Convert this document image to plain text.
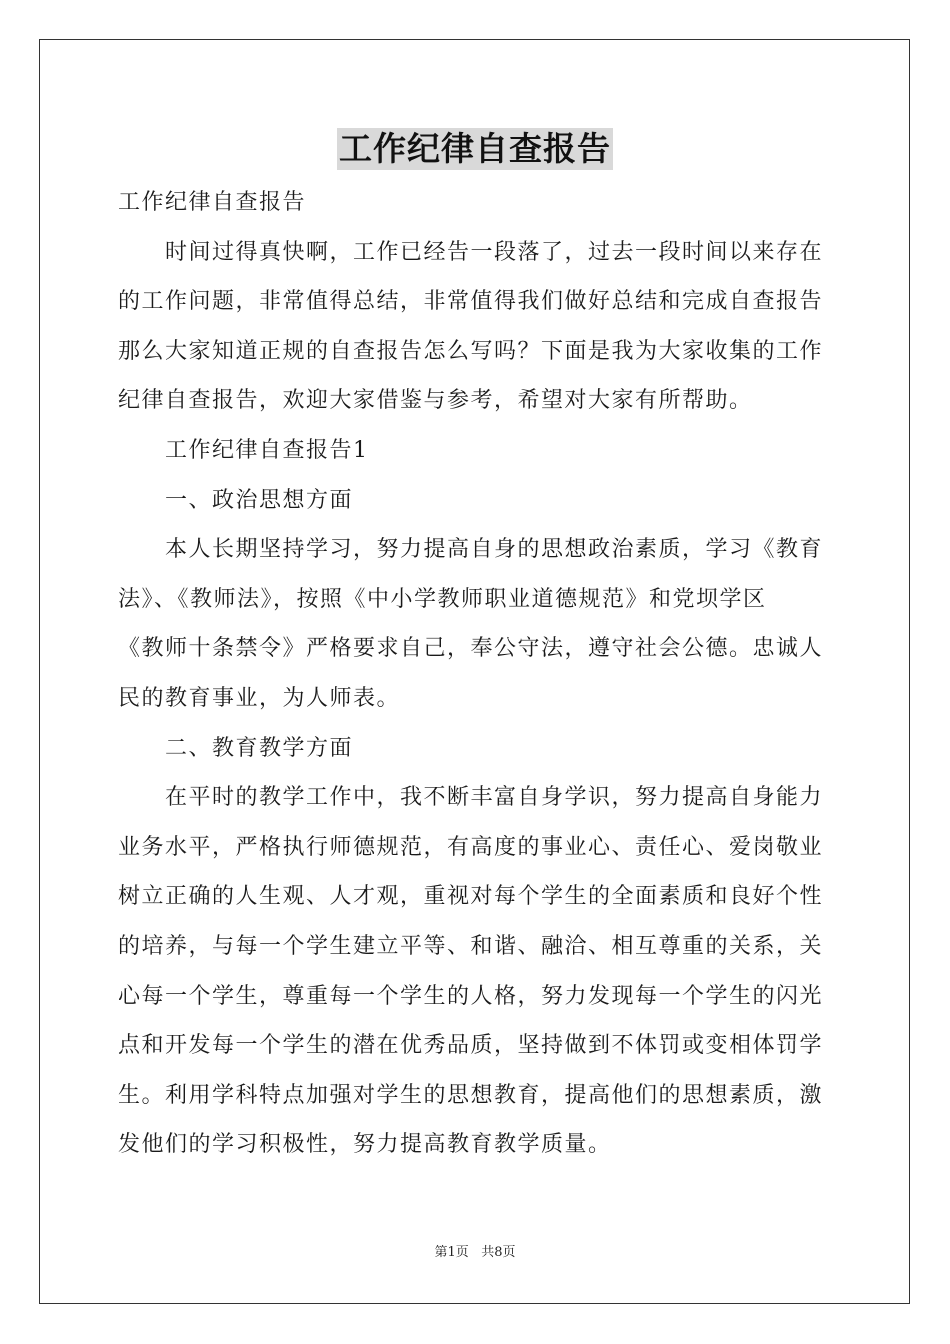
工作纪律自查报告
工作纪律自查报告
时间过得真快啊，工作已经告一段落了，过去一段时间以来存在
的工作问题，非常值得总结，非常值得我们做好总结和完成自查报告
那么大家知道正规的自查报告怎么写吗？下面是我为大家收集的工作
纪律自查报告，欢迎大家借鉴与参考，希望对大家有所帮助。
工作纪律自查报告1
一、政治思想方面
本人长期坚持学习，努力提高自身的思想政治素质，学习《教育
法》、《教师法》，按照《中小学教师职业道德规范》和党坝学区
《教师十条禁令》严格要求自己，奉公守法，遵守社会公德。忠诚人
民的教育事业，为人师表。
二、教育教学方面
在平时的教学工作中，我不断丰富自身学识，努力提高自身能力
业务水平，严格执行师德规范，有高度的事业心、责任心、爱岗敬业
树立正确的人生观、人才观，重视对每个学生的全面素质和良好个性
的培养，与每一个学生建立平等、和谐、融洽、相互尊重的关系，关
心每一个学生，尊重每一个学生的人格，努力发现每一个学生的闪光
点和开发每一个学生的潜在优秀品质，坚持做到不体罚或变相体罚学
生。利用学科特点加强对学生的思想教育，提高他们的思想素质，激
发他们的学习积极性，努力提高教育教学质量。
第1页 共8页
